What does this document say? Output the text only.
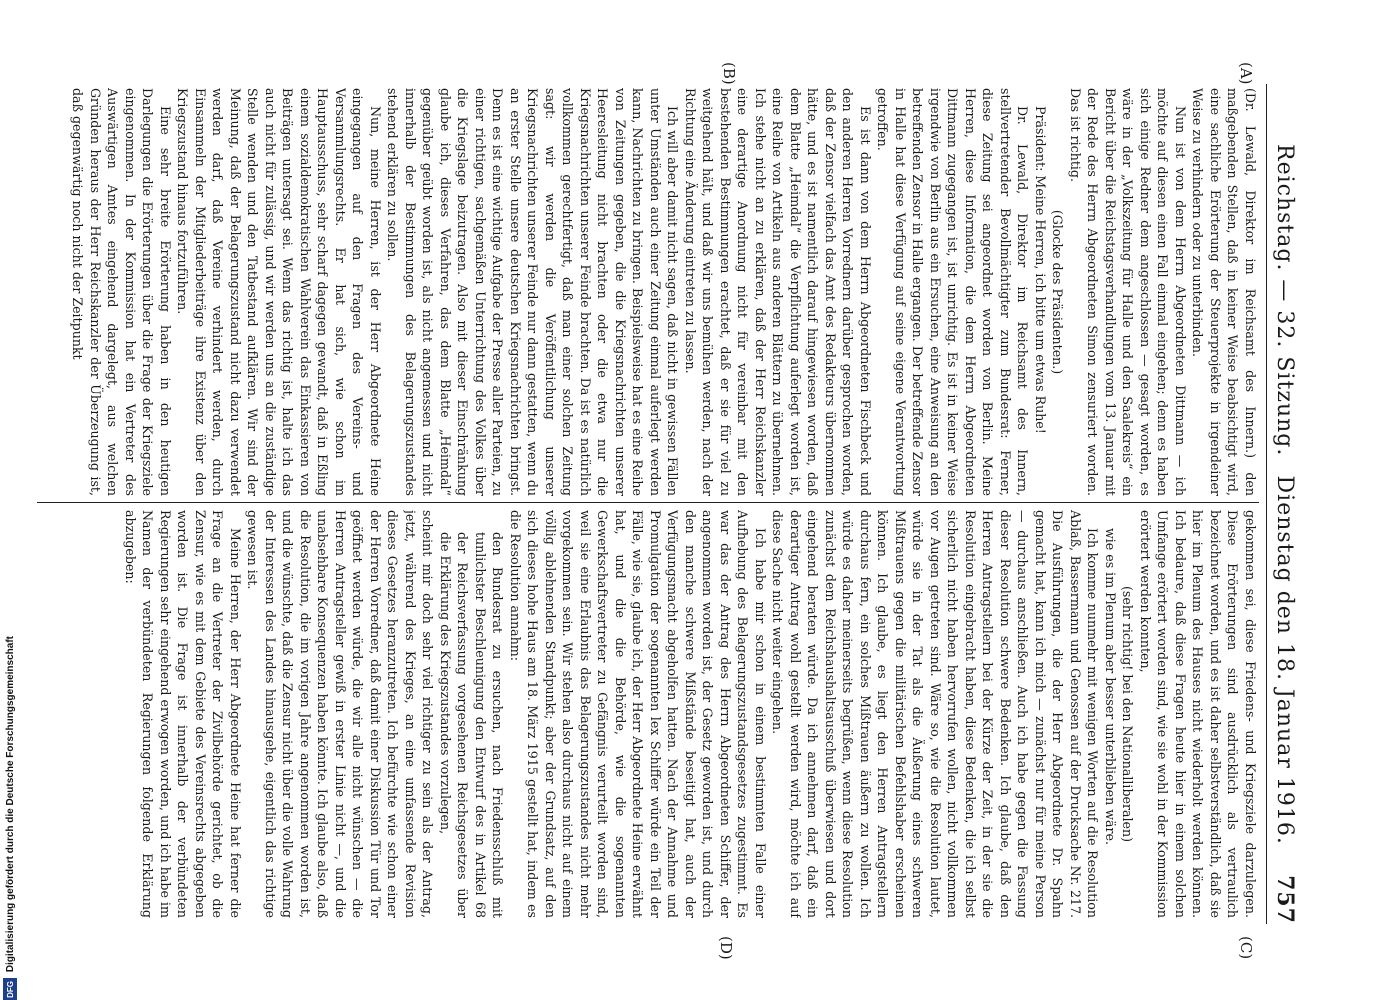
Reichstag. — 32. Sitzung.
Dienstag den 18. Januar 1916.
757
(A)
(B)
(C)
(D)

(Dr. Lewald, Direktor im Reichsamt des Innern.) den maßgebenden Stellen, daß in keiner Weise beabsichtigt wird, eine sachliche Erörterung der Steuerprojekte in irgendeiner Weise zu verhindern oder zu unterbinden.

Nun ist von dem Herrn Abgeordneten Dittmann — ich möchte auf diesen einen Fall einmal eingehen; denn es haben sich einige Redner dem angeschlossen — gesagt worden, es wäre in der „Volkszeitung für Halle und den Saalekreis“ ein Bericht über die Reichstagsverhandlungen vom 13. Januar mit der Rede des Herrn Abgeordneten Simon zensuriert worden. Das ist richtig.

(Glocke des Präsidenten.)

Präsident: Meine Herren, ich bitte um etwas Ruhe!

Dr. Lewald, Direktor im Reichsamt des Innern, stellvertretender Bevollmächtigter zum Bundesrat: Ferner, diese Zeitung sei angeordnet worden von Berlin. Meine Herren, diese Information, die dem Herrn Abgeordneten Dittmann zugegangen ist, ist unrichtig. Es ist in keiner Weise irgendwie von Berlin aus ein Ersuchen, eine Anweisung an den betreffenden Zensor in Halle ergangen. Der betreffende Zensor in Halle hat diese Verfügung auf seine eigene Verantwortung getroffen.

Es ist dann von dem Herrn Abgeordneten Fischbeck und den anderen Herren Vorrednern darüber gesprochen worden, daß der Zensor vielfach das Amt des Redakteurs übernommen hätte, und es ist namentlich darauf hingewiesen worden, daß dem Blatte „Heimdal“ die Verpflichtung auferlegt worden ist, eine Reihe von Artikeln aus anderen Blättern zu übernehmen. Ich stehe nicht an zu erklären, daß der Herr Reichskanzler eine derartige Anordnung nicht für vereinbar mit den bestehenden Bestimmungen erachtet, daß er sie für viel zu weitgehend hält, und daß wir uns bemühen werden, nach der Richtung eine Änderung eintreten zu lassen.

Ich will aber damit nicht sagen, daß nicht in gewissen Fällen unter Umständen auch einer Zeitung einmal auferlegt werden kann, Nachrichten zu bringen. Beispielsweise hat es eine Reihe von Zeitungen gegeben, die die Kriegsnachrichten unserer Heeresleitung nicht brachten oder die etwa nur die Kriegsnachrichten unserer Feinde brachten. Da ist es natürlich vollkommen gerechtfertigt, daß man einer solchen Zeitung sagt: wir werden die Veröffentlichung unserer Kriegsnachrichten unserer Feinde nur dann gestatten, wenn du an erster Stelle unsere deutschen Kriegsnachrichten bringst. Denn es ist eine wichtige Aufgabe der Presse aller Parteien, zu einer richtigen, sachgemäßen Unterrichtung des Volkes über die Kriegslage beizutragen. Also mit dieser Einschränkung glaube ich, dieses Verfahren, das dem Blatte „Heimdal“ gegenüber geübt worden ist, als nicht angemessen und nicht innerhalb der Bestimmungen des Belagerungszustandes stehend erklären zu sollen.

Nun, meine Herren, ist der Herr Abgeordnete Heine eingegangen auf den Fragen des Vereins- und Versammlungsrechts. Er hat sich, wie schon im Hauptausschuss, sehr scharf dagegen gewandt, daß in Eßling einem sozialdemokratischen Wahlverein das Einkassieren von Beiträgen untersagt sei. Wenn das richtig ist, halte ich das auch nicht für zulässig, und wir werden uns an die zuständige Stelle wenden und den Tatbestand aufklären. Wir sind der Meinung, daß der Belagerungszustand nicht dazu verwendet werden darf, daß Vereine verhindert werden, durch Einsammeln der Mitgliederbeiträge ihre Existenz über den Kriegszustand hinaus fortzuführen.

Eine sehr breite Erörterung haben in den heutigen Darlegungen die Erörterungen über die Frage der Kriegsziele eingenommen. In der Kommission hat ein Vertreter des Auswärtigen Amtes eingehend dargelegt, aus welchen Gründen heraus der Herr Reichskanzler der Überzeugung ist, daß gegenwärtig noch nicht der Zeitpunkt

gekommen sei, diese Friedens- und Kriegsziele darzulegen. Diese Erörterungen sind ausdrücklich als vertraulich bezeichnet worden, und es ist daher selbstverständlich, daß sie hier im Plenum des Hauses nicht wiederholt werden können. Ich bedaure, daß diese Fragen heute hier in einem solchen Umfange erörtert worden sind, wie sie wohl in der Kommission erörtert werden konnten,

(sehr richtig! bei den Nationalliberalen)

wie es im Plenum aber besser unterblieben wäre.

Ich komme nunmehr mit wenigen Worten auf die Resolution Ablaß, Bassermann und Genossen auf der Drucksache Nr. 217. Die Ausführungen, die der Herr Abgeordnete Dr. Spahn gemacht hat, kann ich mich — zunächst nur für meine Person — durchaus anschließen. Auch ich habe gegen die Fassung dieser Resolution schwere Bedenken. Ich glaube, daß den Herren Antragstellern bei der Kürze der Zeit, in der sie die Resolution eingebracht haben, diese Bedenken, die ich selbst sicherlich nicht haben hervorrufen wollen, nicht vollkommen vor Augen getreten sind. Wäre so, wie die Resolution lautet, würde sie in der Tat als die Äußerung eines schweren Mißtrauens gegen die militärischen Befehlshaber erscheinen können. Ich glaube, es liegt den Herren Antragstellern durchaus fern, ein solches Mißtrauen äußern zu wollen. Ich würde es daher meinerseits begrüßen, wenn diese Resolution zunächst dem Reichshaushaltsausschuß überwiesen und dort eingehend beraten würde. Da ich annehmen darf, daß ein derartiger Antrag wohl gestellt werden wird, möchte ich auf diese Sache nicht weiter eingehen.

Ich habe mir schon in einem bestimmten Falle einer Aufhebung des Belagerungszustandsgesetzes zugestimmt. Es war das der Antrag des Herrn Abgeordneten Schiffer, der angenommen worden ist, der Gesetz geworden ist, und durch den manche schwere Mißstände beseitigt hat, auch der Verfügungsmacht abgeholfen hatten. Nach der Annahme und Promulgation der sogenannten lex Schiffer würde ein Teil der Fälle, wie sie, glaube ich, der Herr Abgeordnete Heine erwähnt hat, und die die Behörde, wie die sogenannten Gewerkschaftsvertreter zu Gefängnis verurteilt worden sind, weil sie eine Erlaubnis das Belagerungszustandes nicht mehr vorgekommen sein. Wir stehen also durchaus nicht auf einem völlig ablehnenden Standpunkt; aber der Grundsatz, auf den sich dieses hohe Haus am 18. März 1915 gestellt hat, indem es die Resolution annahm:

den Bundesrat zu ersuchen, nach Friedensschluß mit tunlichster Beschleunigung den Entwurf des in Artikel 68 der Reichsverfassung vorgesehenen Reichsgesetzes über die Erklärung des Kriegszustandes vorzulegen,

scheint mir doch sehr viel richtiger zu sein als der Antrag, jetzt, während des Krieges, an eine umfassende Revision dieses Gesetzes heranzutreten. Ich befürchte wie schon einer der Herren Vorredner, daß damit einer Diskussion Tür und Tor geöffnet werden würde, die wir alle nicht wünschen — die Herren Antragsteller gewiß in erster Linie nicht —, und die unabsehbare Konsequenzen haben könnte. Ich glaube also, daß die Resolution, die im vorigen Jahre angenommen worden ist, und die wünschte, daß die Zensur nicht über die volle Wahrung der Interessen des Landes hinausgehe, eigentlich das richtige gewesen ist.

Meine Herren, der Herr Abgeordnete Heine hat ferner die Frage an die Vertreter der Zivilbehörde gerichtet, ob die Zensur, wie es mit dem Gebiete des Vereinsrechts abgegeben worden ist. Die Frage ist innerhalb der verbündeten Regierungen sehr eingehend erwogen worden, und ich habe im Namen der verbündeten Regierungen folgende Erklärung abzugeben:

Digitalisierung gefördert durch die Deutsche Forschungsgemeinschaft
DFG
